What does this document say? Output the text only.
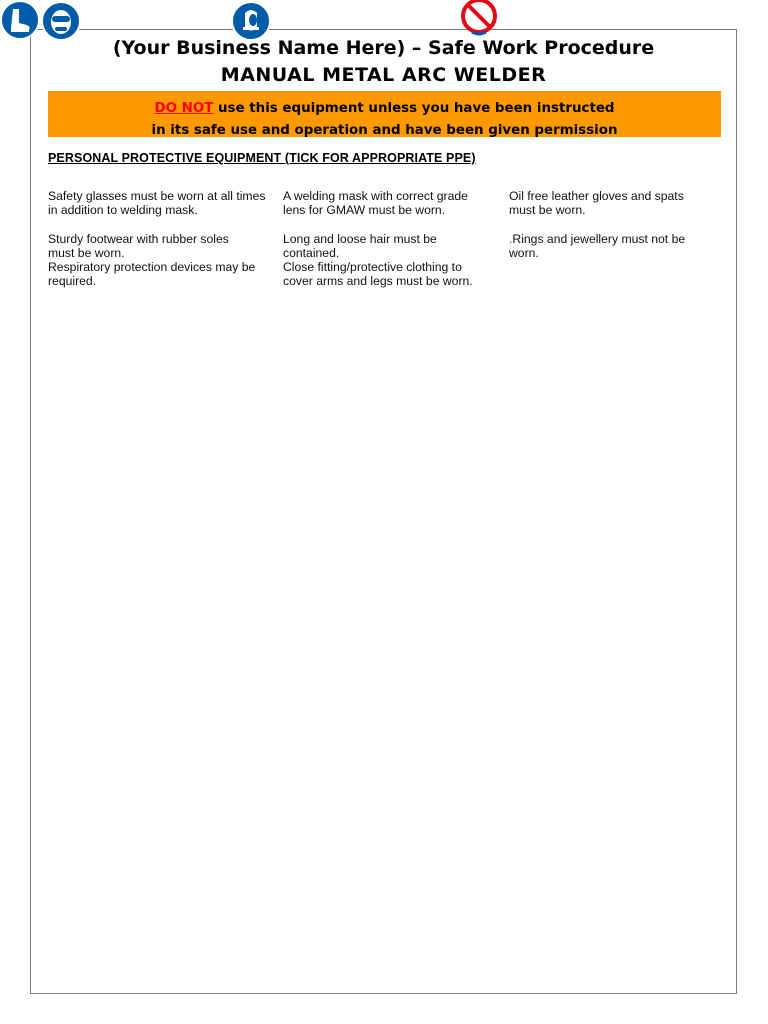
(Your Business Name Here) – Safe Work Procedure
MANUAL METAL ARC WELDER
DO NOT use this equipment unless you have been instructed
in its safe use and operation and have been given permission
PERSONAL PROTECTIVE EQUIPMENT (TICK FOR APPROPRIATE PPE)
Safety glasses must be worn at all times in addition to welding mask.
Sturdy footwear with rubber soles must be worn.
Respiratory protection devices may be required.
A welding mask with correct grade lens for GMAW must be worn.
Long and loose hair must be contained.
Close fitting/protective clothing to cover arms and legs must be worn.
Oil free leather gloves and spats must be worn.
.Rings and jewellery must not be worn.
